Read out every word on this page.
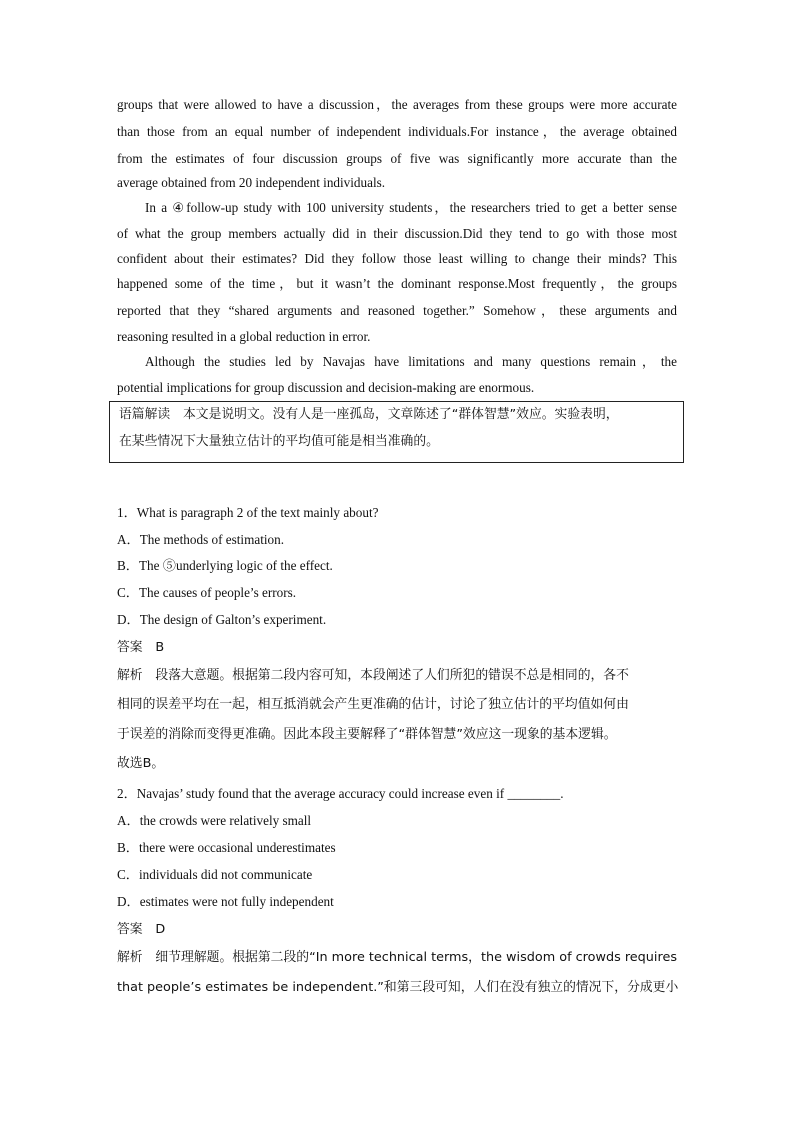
groups that were allowed to have a discussion，the averages from these groups were more accurate
than those from an equal number of independent individuals.For instance，the average obtained
from the estimates of four discussion groups of five was significantly more accurate than the
average obtained from 20 independent individuals.
In a ④follow-up study with 100 university students，the researchers tried to get a better sense
of what the group members actually did in their discussion.Did they tend to go with those most
confident about their estimates? Did they follow those least willing to change their minds? This
happened some of the time，but it wasn’t the dominant response.Most frequently，the groups
reported that they “shared arguments and reasoned together.” Somehow，these arguments and
reasoning resulted in a global reduction in error.
Although the studies led by Navajas have limitations and many questions remain，the
potential implications for group discussion and decision-making are enormous.
语篇解读　本文是说明文。没有人是一座孤岛，文章陈述了“群体智慧”效应。实验表明，
在某些情况下大量独立估计的平均值可能是相当准确的。
1．What is paragraph 2 of the text mainly about?
A．The methods of estimation.
B．The ⑤underlying logic of the effect.
C．The causes of people’s errors.
D．The design of Galton’s experiment.
答案　B
解析　段落大意题。根据第二段内容可知，本段阐述了人们所犯的错误不总是相同的，各不
相同的误差平均在一起，相互抵消就会产生更准确的估计，讨论了独立估计的平均值如何由
于误差的消除而变得更准确。因此本段主要解释了“群体智慧”效应这一现象的基本逻辑。
故选B。
2．Navajas’ study found that the average accuracy could increase even if ________.
A．the crowds were relatively small
B．there were occasional underestimates
C．individuals did not communicate
D．estimates were not fully independent
答案　D
解析　细节理解题。根据第二段的“In more technical terms，the wisdom of crowds requires
that people’s estimates be independent.”和第三段可知，人们在没有独立的情况下，分成更小
